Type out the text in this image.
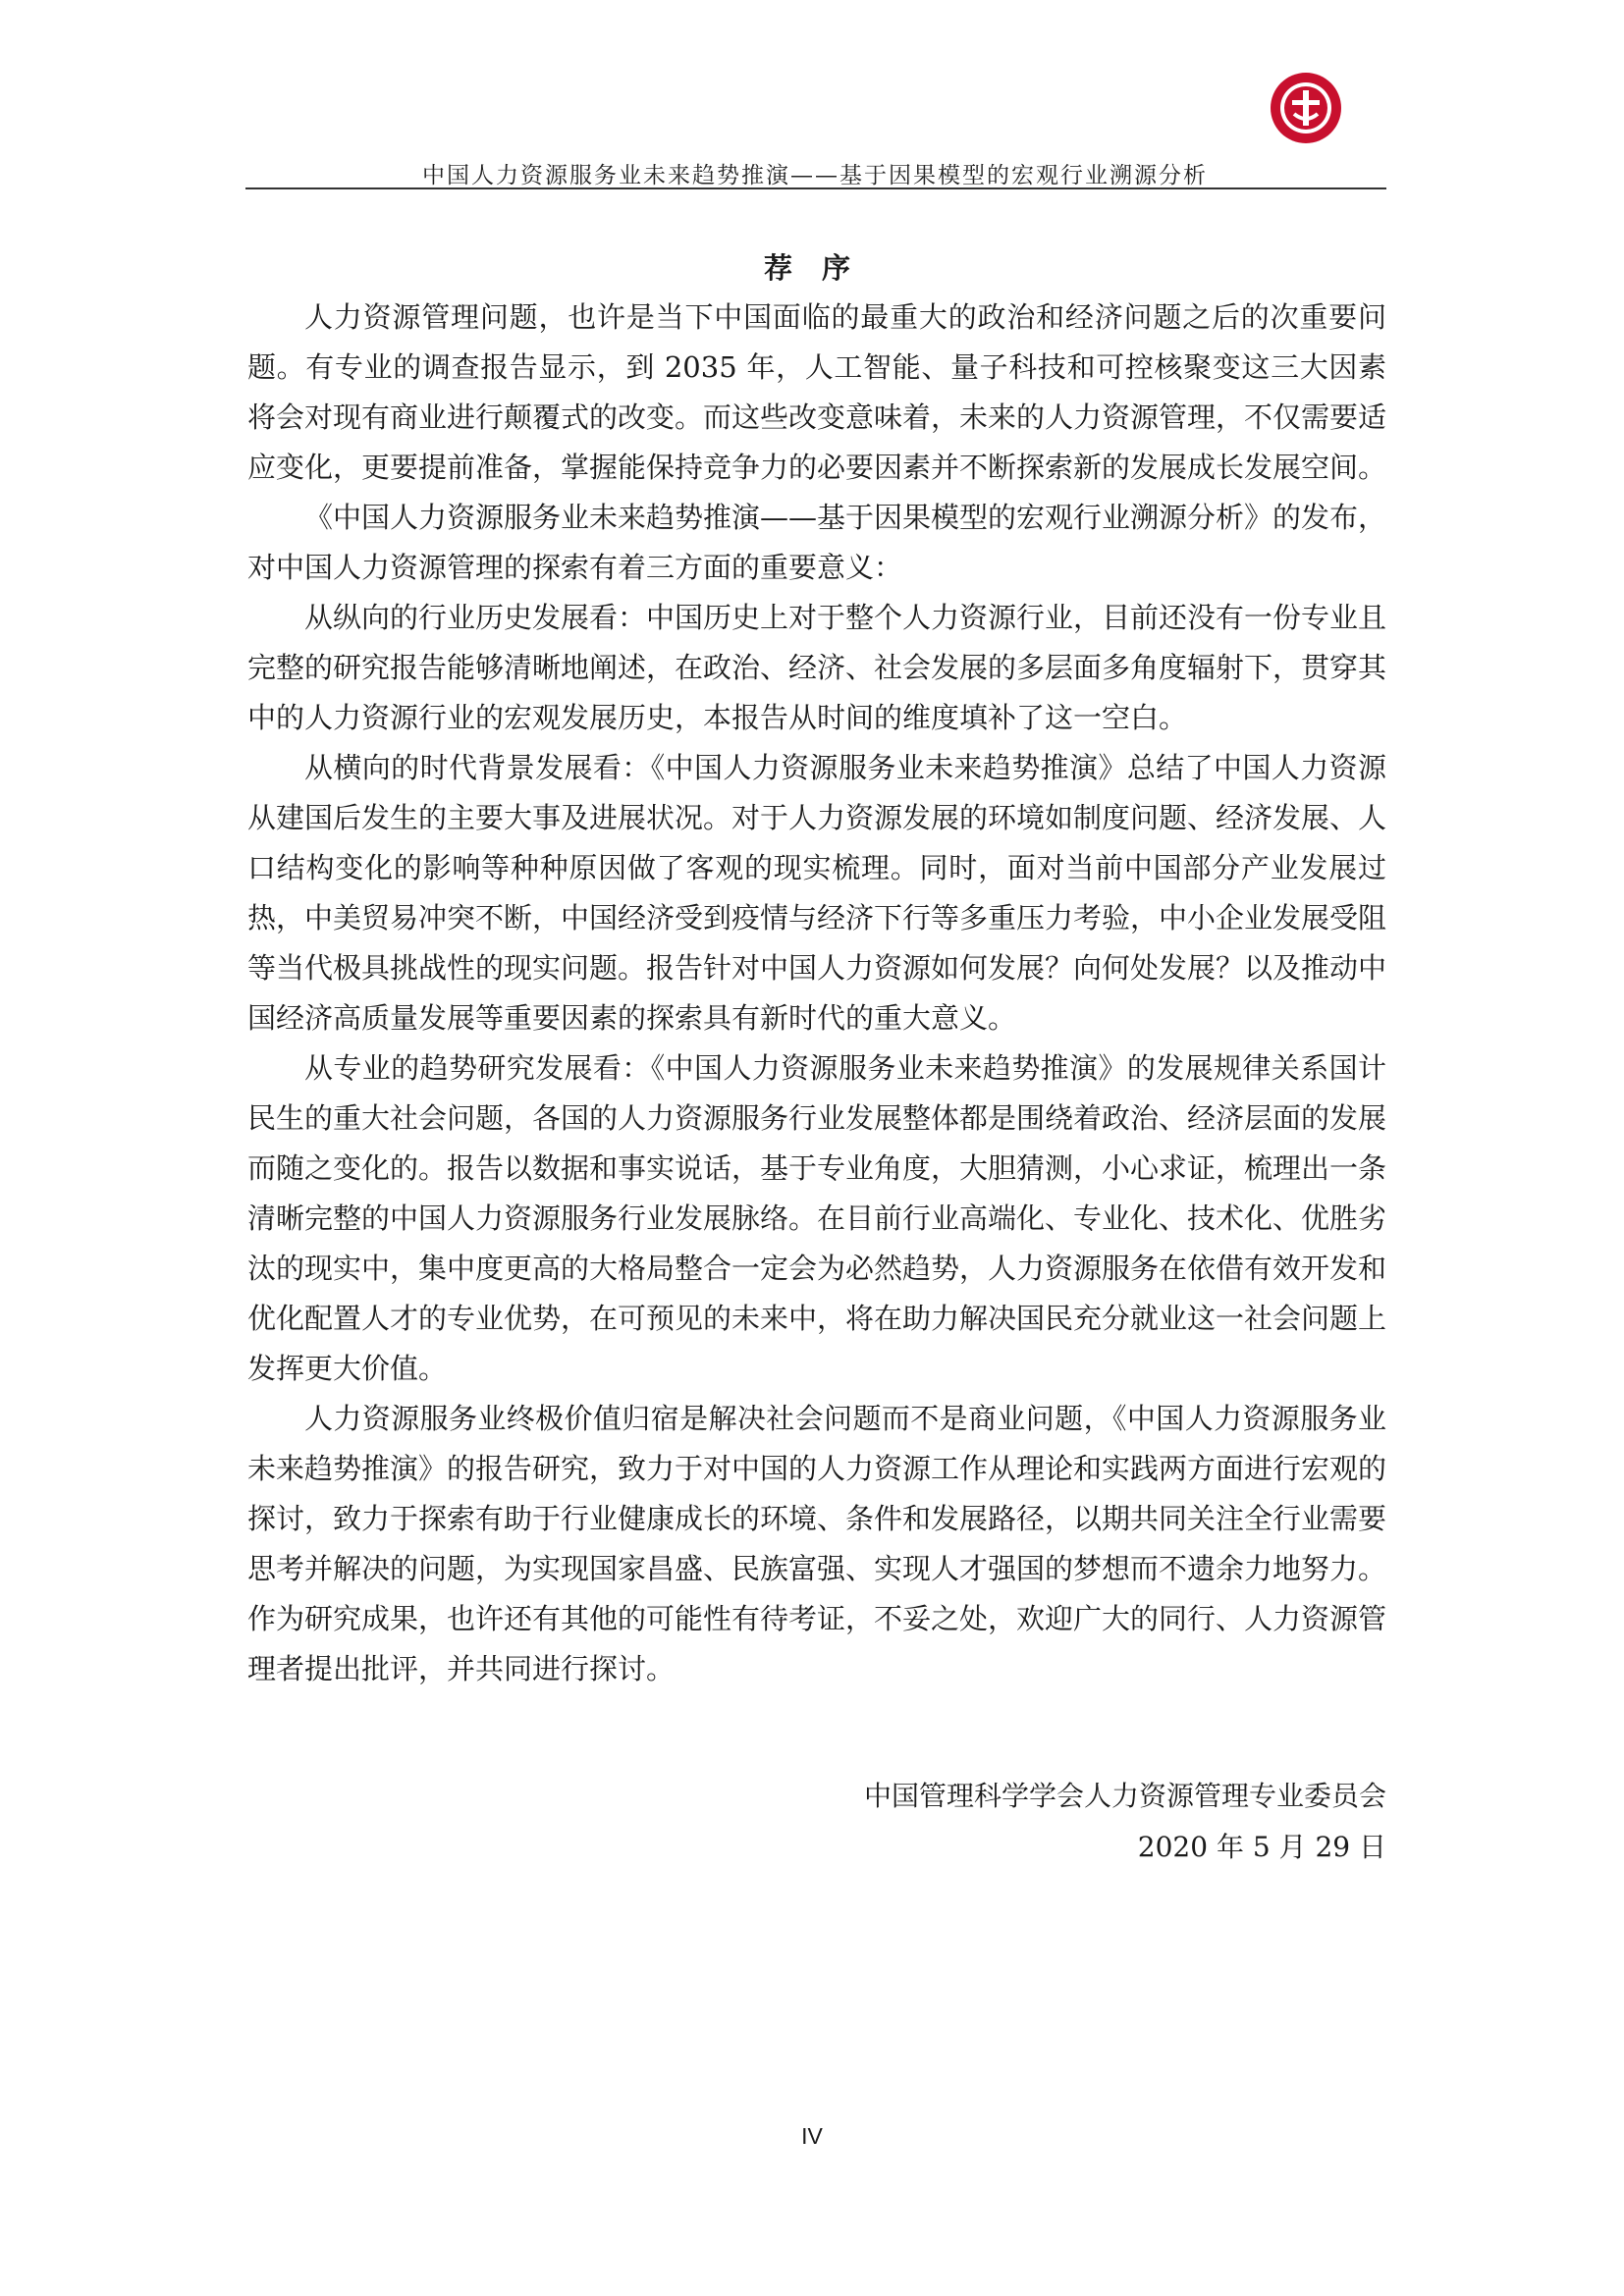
中国人力资源服务业未来趋势推演——基于因果模型的宏观行业溯源分析
荐 序

人力资源管理问题，也许是当下中国面临的最重大的政治和经济问题之后的次重要问题。有专业的调查报告显示，到 2035 年，人工智能、量子科技和可控核聚变这三大因素将会对现有商业进行颠覆式的改变。而这些改变意味着，未来的人力资源管理，不仅需要适应变化，更要提前准备，掌握能保持竞争力的必要因素并不断探索新的发展成长发展空间。

《中国人力资源服务业未来趋势推演——基于因果模型的宏观行业溯源分析》的发布，对中国人力资源管理的探索有着三方面的重要意义：

从纵向的行业历史发展看：中国历史上对于整个人力资源行业，目前还没有一份专业且完整的研究报告能够清晰地阐述，在政治、经济、社会发展的多层面多角度辐射下，贯穿其中的人力资源行业的宏观发展历史，本报告从时间的维度填补了这一空白。

从横向的时代背景发展看：《中国人力资源服务业未来趋势推演》总结了中国人力资源从建国后发生的主要大事及进展状况。对于人力资源发展的环境如制度问题、经济发展、人口结构变化的影响等种种原因做了客观的现实梳理。同时，面对当前中国部分产业发展过热，中美贸易冲突不断，中国经济受到疫情与经济下行等多重压力考验，中小企业发展受阻等当代极具挑战性的现实问题。报告针对中国人力资源如何发展？向何处发展？以及推动中国经济高质量发展等重要因素的探索具有新时代的重大意义。

从专业的趋势研究发展看：《中国人力资源服务业未来趋势推演》的发展规律关系国计民生的重大社会问题，各国的人力资源服务行业发展整体都是围绕着政治、经济层面的发展而随之变化的。报告以数据和事实说话，基于专业角度，大胆猜测，小心求证，梳理出一条清晰完整的中国人力资源服务行业发展脉络。在目前行业高端化、专业化、技术化、优胜劣汰的现实中，集中度更高的大格局整合一定会为必然趋势，人力资源服务在依借有效开发和优化配置人才的专业优势，在可预见的未来中，将在助力解决国民充分就业这一社会问题上发挥更大价值。

人力资源服务业终极价值归宿是解决社会问题而不是商业问题，《中国人力资源服务业未来趋势推演》的报告研究，致力于对中国的人力资源工作从理论和实践两方面进行宏观的探讨，致力于探索有助于行业健康成长的环境、条件和发展路径，以期共同关注全行业需要思考并解决的问题，为实现国家昌盛、民族富强、实现人才强国的梦想而不遗余力地努力。作为研究成果，也许还有其他的可能性有待考证，不妥之处，欢迎广大的同行、人力资源管理者提出批评，并共同进行探讨。

中国管理科学学会人力资源管理专业委员会
2020 年 5 月 29 日
IV
